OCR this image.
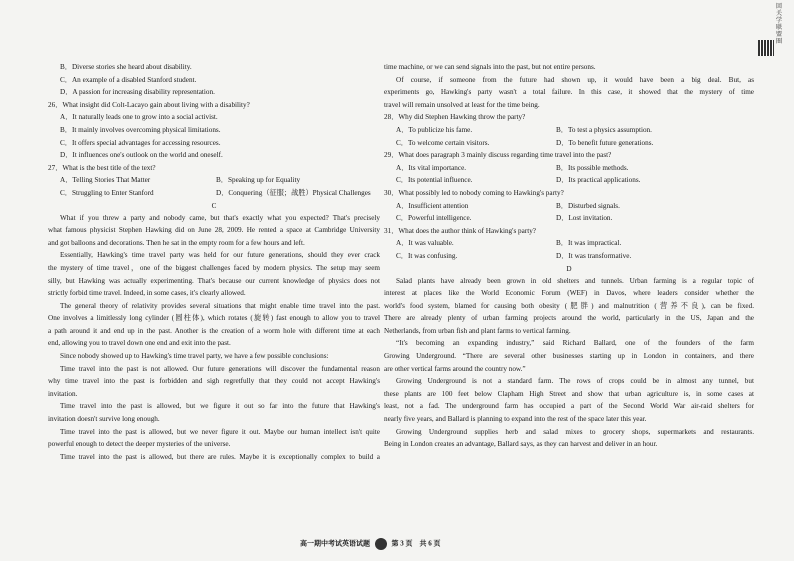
回关学联盟圈
B．Diverse stories she heard about disability.
C．An example of a disabled Stanford student.
D．A passion for increasing disability representation.
26．What insight did Colt-Lacayo gain about living with a disability?
A．It naturally leads one to grow into a social activist.
B．It mainly involves overcoming physical limitations.
C．It offers special advantages for accessing resources.
D．It influences one's outlook on the world and oneself.
27．What is the best title of the text?
A．Telling Stories That Matter	B．Speaking up for Equality
C．Struggling to Enter Stanford	D．Conquering（征服；战胜）Physical Challenges
C
What if you threw a party and nobody came, but that's exactly what you expected? That's precisely
what famous physicist Stephen Hawking did on June 28, 2009. He rented a space at Cambridge University
and got balloons and decorations. Then he sat in the empty room for a few hours and left.
Essentially, Hawking's time travel party was held for our future generations, should they ever crack
the mystery of time travel，one of the biggest challenges faced by modern physics. The setup may seem
silly, but Hawking was actually experimenting. That's because our current knowledge of physics does not
strictly forbid time travel. Indeed, in some cases, it's clearly allowed.
The general theory of relativity provides several situations that might enable time travel into the past.
One involves a limitlessly long cylinder (圆柱体), which rotates (旋转) fast enough to allow you to travel
a path around it and end up in the past. Another is the creation of a worm hole with different time at each
end, allowing you to travel down one end and exit into the past.
Since nobody showed up to Hawking's time travel party, we have a few possible conclusions:
Time travel into the past is not allowed. Our future generations will discover the fundamental reason
why time travel into the past is forbidden and sigh regretfully that they could not accept Hawking's
invitation.
Time travel into the past is allowed, but we figure it out so far into the future that Hawking's
invitation doesn't survive long enough.
Time travel into the past is allowed, but we never figure it out. Maybe our human intellect isn't quite
powerful enough to detect the deeper mysteries of the universe.
Time travel into the past is allowed, but there are rules. Maybe it is exceptionally complex to build a
time machine, or we can send signals into the past, but not entire persons.
Of course, if someone from the future had shown up, it would have been a big deal. But, as
experiments go, Hawking's party wasn't a total failure. In this case, it showed that the mystery of time
travel will remain unsolved at least for the time being.
28．Why did Stephen Hawking throw the party?
A．To publicize his fame.	B．To test a physics assumption.
C．To welcome certain visitors.	D．To benefit future generations.
29．What does paragraph 3 mainly discuss regarding time travel into the past?
A．Its vital importance.	B．Its possible methods.
C．Its potential influence.	D．Its practical applications.
30．What possibly led to nobody coming to Hawking's party?
A．Insufficient attention	B．Disturbed signals.
C．Powerful intelligence.	D．Lost invitation.
31．What does the author think of Hawking's party?
A．It was valuable.	B．It was impractical.
C．It was confusing.	D．It was transformative.
D
Salad plants have already been grown in old shelters and tunnels. Urban farming is a regular topic of
interest at places like the World Economic Forum (WEF) in Davos, where leaders consider whether the
world's food system, blamed for causing both obesity (肥胖) and malnutrition (营养不良), can be fixed.
There are already plenty of urban farming projects around the world, particularly in the US, Japan and the
Netherlands, from urban fish and plant farms to vertical farming.
“It's becoming an expanding industry,” said Richard Ballard, one of the founders of the farm
Growing Underground. “There are several other businesses starting up in London in containers, and there
are other vertical farms around the country now.”
Growing Underground is not a standard farm. The rows of crops could be in almost any tunnel, but
these plants are 100 feet below Clapham High Street and show that urban agriculture is, in some cases at
least, not a fad. The underground farm has occupied a part of the Second World War air-raid shelters for
nearly five years, and Ballard is planning to expand into the rest of the space later this year.
Growing Underground supplies herb and salad mixes to grocery shops, supermarkets and restaurants.
Being in London creates an advantage, Ballard says, as they can harvest and deliver in an hour.
高一期中考试英语试题	第 3 页 共 6 页
